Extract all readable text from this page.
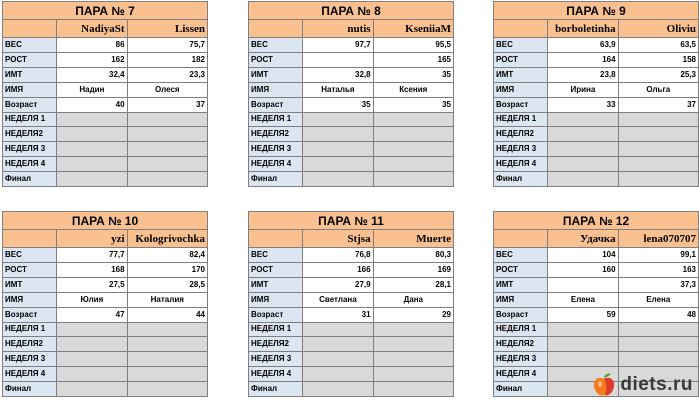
ПАРА № 7		
	NadiyaSt	Lissen
ВЕС	86	75,7
РОСТ	162	182
ИМТ	32,4	23,3
ИМЯ	Надин	Олеся
Возраст	40	37
НЕДЕЛЯ 1		
НЕДЕЛЯ2		
НЕДЕЛЯ 3		
НЕДЕЛЯ 4		
Финал		
ПАРА № 8		
	nutis	KseniiaM
ВЕС	97,7	95,5
РОСТ		165
ИМТ	32,8	35
ИМЯ	Наталья	Ксения
Возраст	35	35
НЕДЕЛЯ 1		
НЕДЕЛЯ2		
НЕДЕЛЯ 3		
НЕДЕЛЯ 4		
Финал		
ПАРА № 9		
	borboletinha	Oliviu
ВЕС	63,9	63,5
РОСТ	164	158
ИМТ	23,8	25,3
ИМЯ	Ирина	Ольга
Возраст	33	37
НЕДЕЛЯ 1		
НЕДЕЛЯ2		
НЕДЕЛЯ 3		
НЕДЕЛЯ 4		
Финал		
ПАРА № 10		
	yzi	Kologrivochka
ВЕС	77,7	82,4
РОСТ	168	170
ИМТ	27,5	28,5
ИМЯ	Юлия	Наталия
Возраст	47	44
НЕДЕЛЯ 1		
НЕДЕЛЯ2		
НЕДЕЛЯ 3		
НЕДЕЛЯ 4		
Финал		
ПАРА № 11		
	Stjsa	Muerte
ВЕС	76,8	80,3
РОСТ	166	169
ИМТ	27,9	28,1
ИМЯ	Светлана	Дана
Возраст	31	29
НЕДЕЛЯ 1		
НЕДЕЛЯ2		
НЕДЕЛЯ 3		
НЕДЕЛЯ 4		
Финал		
ПАРА № 12		
	Удачка	lena070707
ВЕС	104	99,1
РОСТ	160	163
ИМТ		37,3
ИМЯ	Елена	Елена
Возраст	59	48
НЕДЕЛЯ 1		
НЕДЕЛЯ2		
НЕДЕЛЯ 3		
НЕДЕЛЯ 4		
Финал			diets.ru
